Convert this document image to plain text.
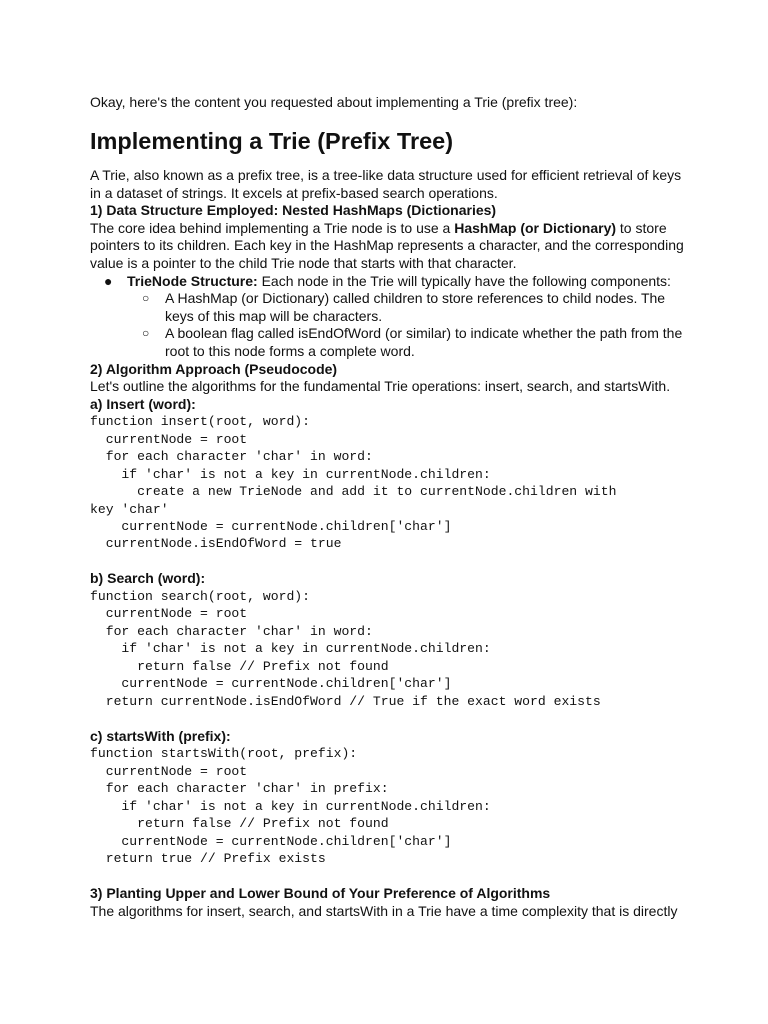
Okay, here's the content you requested about implementing a Trie (prefix tree):

Implementing a Trie (Prefix Tree)

A Trie, also known as a prefix tree, is a tree-like data structure used for efficient retrieval of keys
in a dataset of strings. It excels at prefix-based search operations.

1) Data Structure Employed: Nested HashMaps (Dictionaries)

The core idea behind implementing a Trie node is to use a HashMap (or Dictionary) to store
pointers to its children. Each key in the HashMap represents a character, and the corresponding
value is a pointer to the child Trie node that starts with that character.

● TrieNode Structure: Each node in the Trie will typically have the following components:
○ A HashMap (or Dictionary) called children to store references to child nodes. The
keys of this map will be characters.
○ A boolean flag called isEndOfWord (or similar) to indicate whether the path from the
root to this node forms a complete word.

2) Algorithm Approach (Pseudocode)

Let's outline the algorithms for the fundamental Trie operations: insert, search, and startsWith.

a) Insert (word):

function insert(root, word):
currentNode = root
for each character 'char' in word:
if 'char' is not a key in currentNode.children:
create a new TrieNode and add it to currentNode.children with
key 'char'
currentNode = currentNode.children['char']
currentNode.isEndOfWord = true

b) Search (word):

function search(root, word):
currentNode = root
for each character 'char' in word:
if 'char' is not a key in currentNode.children:
return false // Prefix not found
currentNode = currentNode.children['char']
return currentNode.isEndOfWord // True if the exact word exists

c) startsWith (prefix):

function startsWith(root, prefix):
currentNode = root
for each character 'char' in prefix:
if 'char' is not a key in currentNode.children:
return false // Prefix not found
currentNode = currentNode.children['char']
return true // Prefix exists

3) Planting Upper and Lower Bound of Your Preference of Algorithms

The algorithms for insert, search, and startsWith in a Trie have a time complexity that is directly
